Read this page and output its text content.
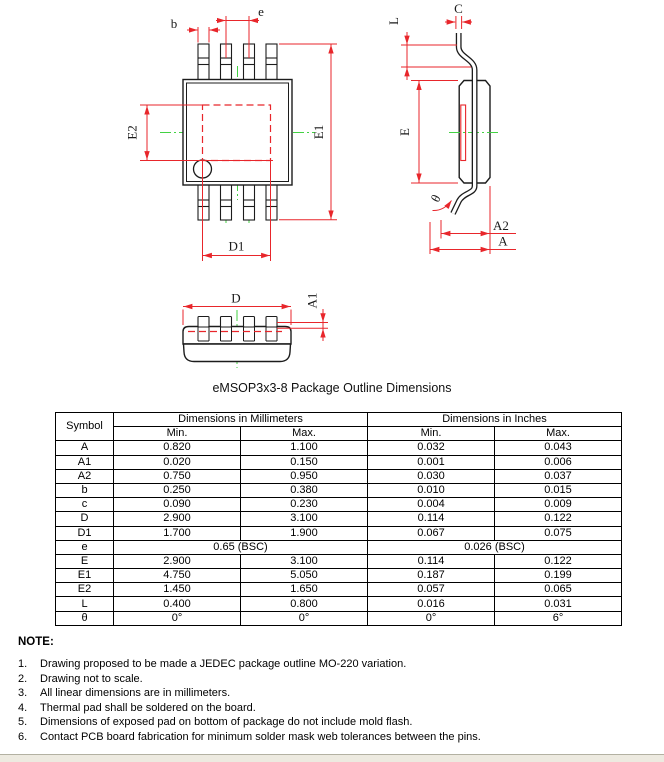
b
e
E1
E2
D1
L
C
E
θ
A2
A
D	A1
eMSOP3x3-8 Package Outline Dimensions
Symbol	Dimensions in Millimeters		Dimensions in Inches	
	Min.	Max.	Min.	Max.
A	0.820	1.100	0.032	0.043
A1	0.020	0.150	0.001	0.006
A2	0.750	0.950	0.030	0.037
b	0.250	0.380	0.010	0.015
c	0.090	0.230	0.004	0.009
D	2.900	3.100	0.114	0.122
D1	1.700	1.900	0.067	0.075
e	0.65 (BSC)		0.026 (BSC)	
E	2.900	3.100	0.114	0.122
E1	4.750	5.050	0.187	0.199
E2	1.450	1.650	0.057	0.065
L	0.400	0.800	0.016	0.031
θ	0°	0°	0°	6°
NOTE:
1.	Drawing proposed to be made a JEDEC package outline MO-220 variation.
2.	Drawing not to scale.
3.	All linear dimensions are in millimeters.
4.	Thermal pad shall be soldered on the board.
5.	Dimensions of exposed pad on bottom of package do not include mold flash.
6.	Contact PCB board fabrication for minimum solder mask web tolerances between the pins.
